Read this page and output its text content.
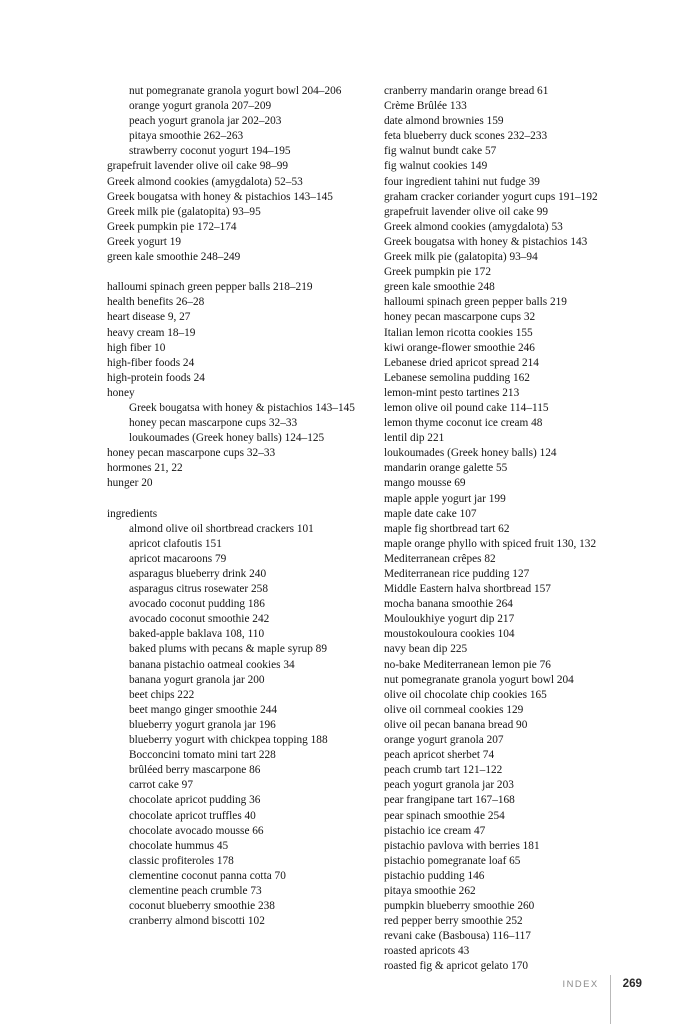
nut pomegranate granola yogurt bowl 204–206
orange yogurt granola 207–209
peach yogurt granola jar 202–203
pitaya smoothie 262–263
strawberry coconut yogurt 194–195
grapefruit lavender olive oil cake 98–99
Greek almond cookies (amygdalota) 52–53
Greek bougatsa with honey & pistachios 143–145
Greek milk pie (galatopita) 93–95
Greek pumpkin pie 172–174
Greek yogurt 19
green kale smoothie 248–249
halloumi spinach green pepper balls 218–219
health benefits 26–28
heart disease 9, 27
heavy cream 18–19
high fiber 10
high-fiber foods 24
high-protein foods 24
honey
Greek bougatsa with honey & pistachios 143–145
honey pecan mascarpone cups 32–33
loukoumades (Greek honey balls) 124–125
honey pecan mascarpone cups 32–33
hormones 21, 22
hunger 20
ingredients
almond olive oil shortbread crackers 101
apricot clafoutis 151
apricot macaroons 79
asparagus blueberry drink 240
asparagus citrus rosewater 258
avocado coconut pudding 186
avocado coconut smoothie 242
baked-apple baklava 108, 110
baked plums with pecans & maple syrup 89
banana pistachio oatmeal cookies 34
banana yogurt granola jar 200
beet chips 222
beet mango ginger smoothie 244
blueberry yogurt granola jar 196
blueberry yogurt with chickpea topping 188
Bocconcini tomato mini tart 228
brûléed berry mascarpone 86
carrot cake 97
chocolate apricot pudding 36
chocolate apricot truffles 40
chocolate avocado mousse 66
chocolate hummus 45
classic profiteroles 178
clementine coconut panna cotta 70
clementine peach crumble 73
coconut blueberry smoothie 238
cranberry almond biscotti 102
cranberry mandarin orange bread 61
Crème Brûlée 133
date almond brownies 159
feta blueberry duck scones 232–233
fig walnut bundt cake 57
fig walnut cookies 149
four ingredient tahini nut fudge 39
graham cracker coriander yogurt cups 191–192
grapefruit lavender olive oil cake 99
Greek almond cookies (amygdalota) 53
Greek bougatsa with honey & pistachios 143
Greek milk pie (galatopita) 93–94
Greek pumpkin pie 172
green kale smoothie 248
halloumi spinach green pepper balls 219
honey pecan mascarpone cups 32
Italian lemon ricotta cookies 155
kiwi orange-flower smoothie 246
Lebanese dried apricot spread 214
Lebanese semolina pudding 162
lemon-mint pesto tartines 213
lemon olive oil pound cake 114–115
lemon thyme coconut ice cream 48
lentil dip 221
loukoumades (Greek honey balls) 124
mandarin orange galette 55
mango mousse 69
maple apple yogurt jar 199
maple date cake 107
maple fig shortbread tart 62
maple orange phyllo with spiced fruit 130, 132
Mediterranean crêpes 82
Mediterranean rice pudding 127
Middle Eastern halva shortbread 157
mocha banana smoothie 264
Mouloukhiye yogurt dip 217
moustokouloura cookies 104
navy bean dip 225
no-bake Mediterranean lemon pie 76
nut pomegranate granola yogurt bowl 204
olive oil chocolate chip cookies 165
olive oil cornmeal cookies 129
olive oil pecan banana bread 90
orange yogurt granola 207
peach apricot sherbet 74
peach crumb tart 121–122
peach yogurt granola jar 203
pear frangipane tart 167–168
pear spinach smoothie 254
pistachio ice cream 47
pistachio pavlova with berries 181
pistachio pomegranate loaf 65
pistachio pudding 146
pitaya smoothie 262
pumpkin blueberry smoothie 260
red pepper berry smoothie 252
revani cake (Basbousa) 116–117
roasted apricots 43
roasted fig & apricot gelato 170
INDEX	269
